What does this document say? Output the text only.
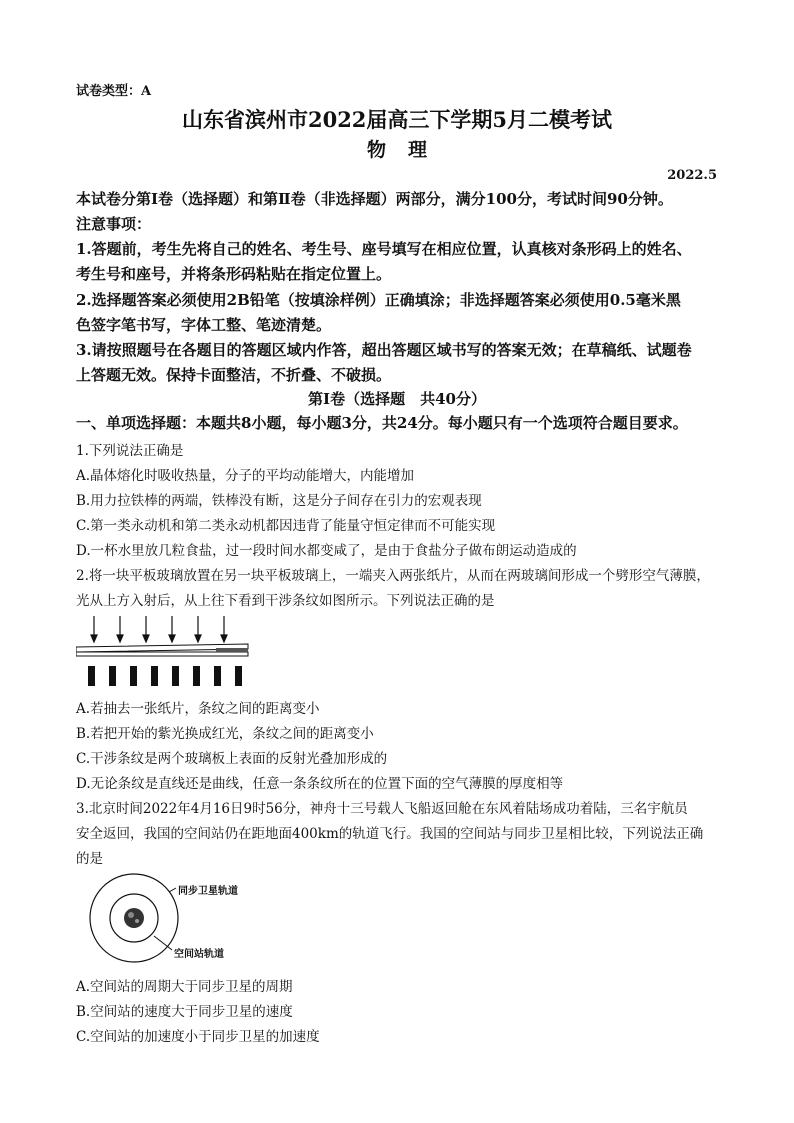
试卷类型：A
山东省滨州市2022届高三下学期5月二模考试
物理
2022.5
本试卷分第Ⅰ卷（选择题）和第Ⅱ卷（非选择题）两部分，满分100分，考试时间90分钟。
注意事项：
1.答题前，考生先将自己的姓名、考生号、座号填写在相应位置，认真核对条形码上的姓名、
考生号和座号，并将条形码粘贴在指定位置上。
2.选择题答案必须使用2B铅笔（按填涂样例）正确填涂；非选择题答案必须使用0.5毫米黑
色签字笔书写，字体工整、笔迹清楚。
3.请按照题号在各题目的答题区域内作答，超出答题区域书写的答案无效；在草稿纸、试题卷
上答题无效。保持卡面整洁，不折叠、不破损。
第Ⅰ卷（选择题　共40分）
一、单项选择题：本题共8小题，每小题3分，共24分。每小题只有一个选项符合题目要求。
1.下列说法正确是
A.晶体熔化时吸收热量，分子的平均动能增大，内能增加
B.用力拉铁棒的两端，铁棒没有断，这是分子间存在引力的宏观表现
C.第一类永动机和第二类永动机都因违背了能量守恒定律而不可能实现
D.一杯水里放几粒食盐，过一段时间水都变咸了，是由于食盐分子做布朗运动造成的
2.将一块平板玻璃放置在另一块平板玻璃上，一端夹入两张纸片，从而在两玻璃间形成一个劈形空气薄膜，
光从上方入射后，从上往下看到干涉条纹如图所示。下列说法正确的是
A.若抽去一张纸片，条纹之间的距离变小
B.若把开始的紫光换成红光，条纹之间的距离变小
C.干涉条纹是两个玻璃板上表面的反射光叠加形成的
D.无论条纹是直线还是曲线，任意一条条纹所在的位置下面的空气薄膜的厚度相等
3.北京时间2022年4月16日9时56分，神舟十三号载人飞船返回舱在东风着陆场成功着陆，三名宇航员
安全返回，我国的空间站仍在距地面400km的轨道飞行。我国的空间站与同步卫星相比较，下列说法正确
的是
同步卫星轨道
空间站轨道
A.空间站的周期大于同步卫星的周期
B.空间站的速度大于同步卫星的速度
C.空间站的加速度小于同步卫星的加速度
